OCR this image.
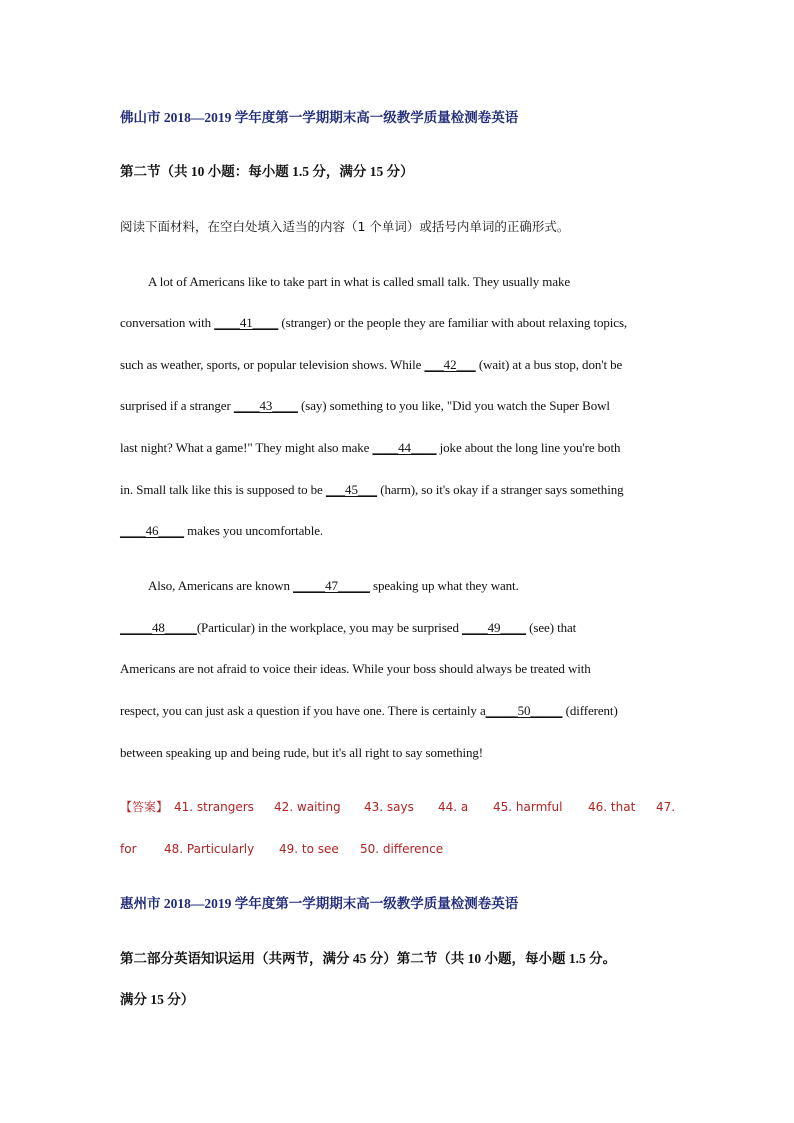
佛山市 2018—2019 学年度第一学期期末高一级教学质量检测卷英语
第二节（共 10 小题：每小题 1.5 分，满分 15 分）
阅读下面材料，在空白处填入适当的内容（1 个单词）或括号内单词的正确形式。
A lot of Americans like to take part in what is called small talk. They usually make
conversation with ____41____ (stranger) or the people they are familiar with about relaxing topics,
such as weather, sports, or popular television shows. While ___42___ (wait) at a bus stop, don't be
surprised if a stranger ____43____ (say) something to you like, "Did you watch the Super Bowl
last night? What a game!" They might also make ____44____ joke about the long line you're both
in. Small talk like this is supposed to be ___45___ (harm), so it's okay if a stranger says something
____46____ makes you uncomfortable.
Also, Americans are known _____47_____ speaking up what they want.
_____48_____(Particular) in the workplace, you may be surprised ____49____ (see) that
Americans are not afraid to voice their ideas. While your boss should always be treated with
respect, you can just ask a question if you have one. There is certainly a_____50_____ (different)
between speaking up and being rude, but it's all right to say something!
【答案】 41. strangers 42. waiting 43. says 44. a 45. harmful 46. that 47.
for 48. Particularly 49. to see 50. difference
惠州市 2018—2019 学年度第一学期期末高一级教学质量检测卷英语
第二部分英语知识运用（共两节，满分 45 分）第二节（共 10 小题，每小题 1.5 分。
满分 15 分）
